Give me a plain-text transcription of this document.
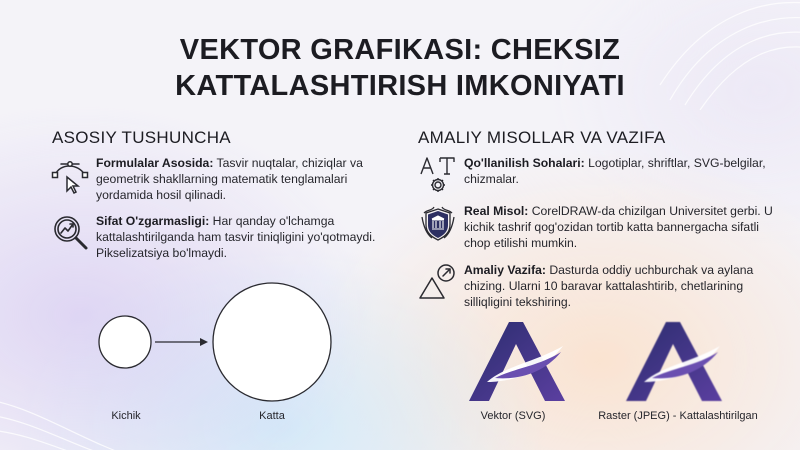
VEKTOR GRAFIKASI: CHEKSIZ
KATTALASHTIRISH IMKONIYATI
ASOSIY TUSHUNCHA	AMALIY MISOLLAR VA VAZIFA
Formulalar Asosida: Tasvir nuqtalar, chiziqlar va geometrik shakllarning matematik tenglamalari yordamida hosil qilinadi.
Sifat O'zgarmasligi: Har qanday o'lchamga kattalashtirilganda ham tasvir tiniqligini yo'qotmaydi. Pikselizatsiya bo'lmaydi.
Kichik	Katta
Qo'llanilish Sohalari: Logotiplar, shriftlar, SVG-belgilar, chizmalar.
Real Misol: CorelDRAW-da chizilgan Universitet gerbi. U kichik tashrif qog'ozidan tortib katta bannergacha sifatli chop etilishi mumkin.
Amaliy Vazifa: Dasturda oddiy uchburchak va aylana chizing. Ularni 10 baravar kattalashtirib, chetlarining silliqligini tekshiring.
Vektor (SVG)	Raster (JPEG) - Kattalashtirilgan
